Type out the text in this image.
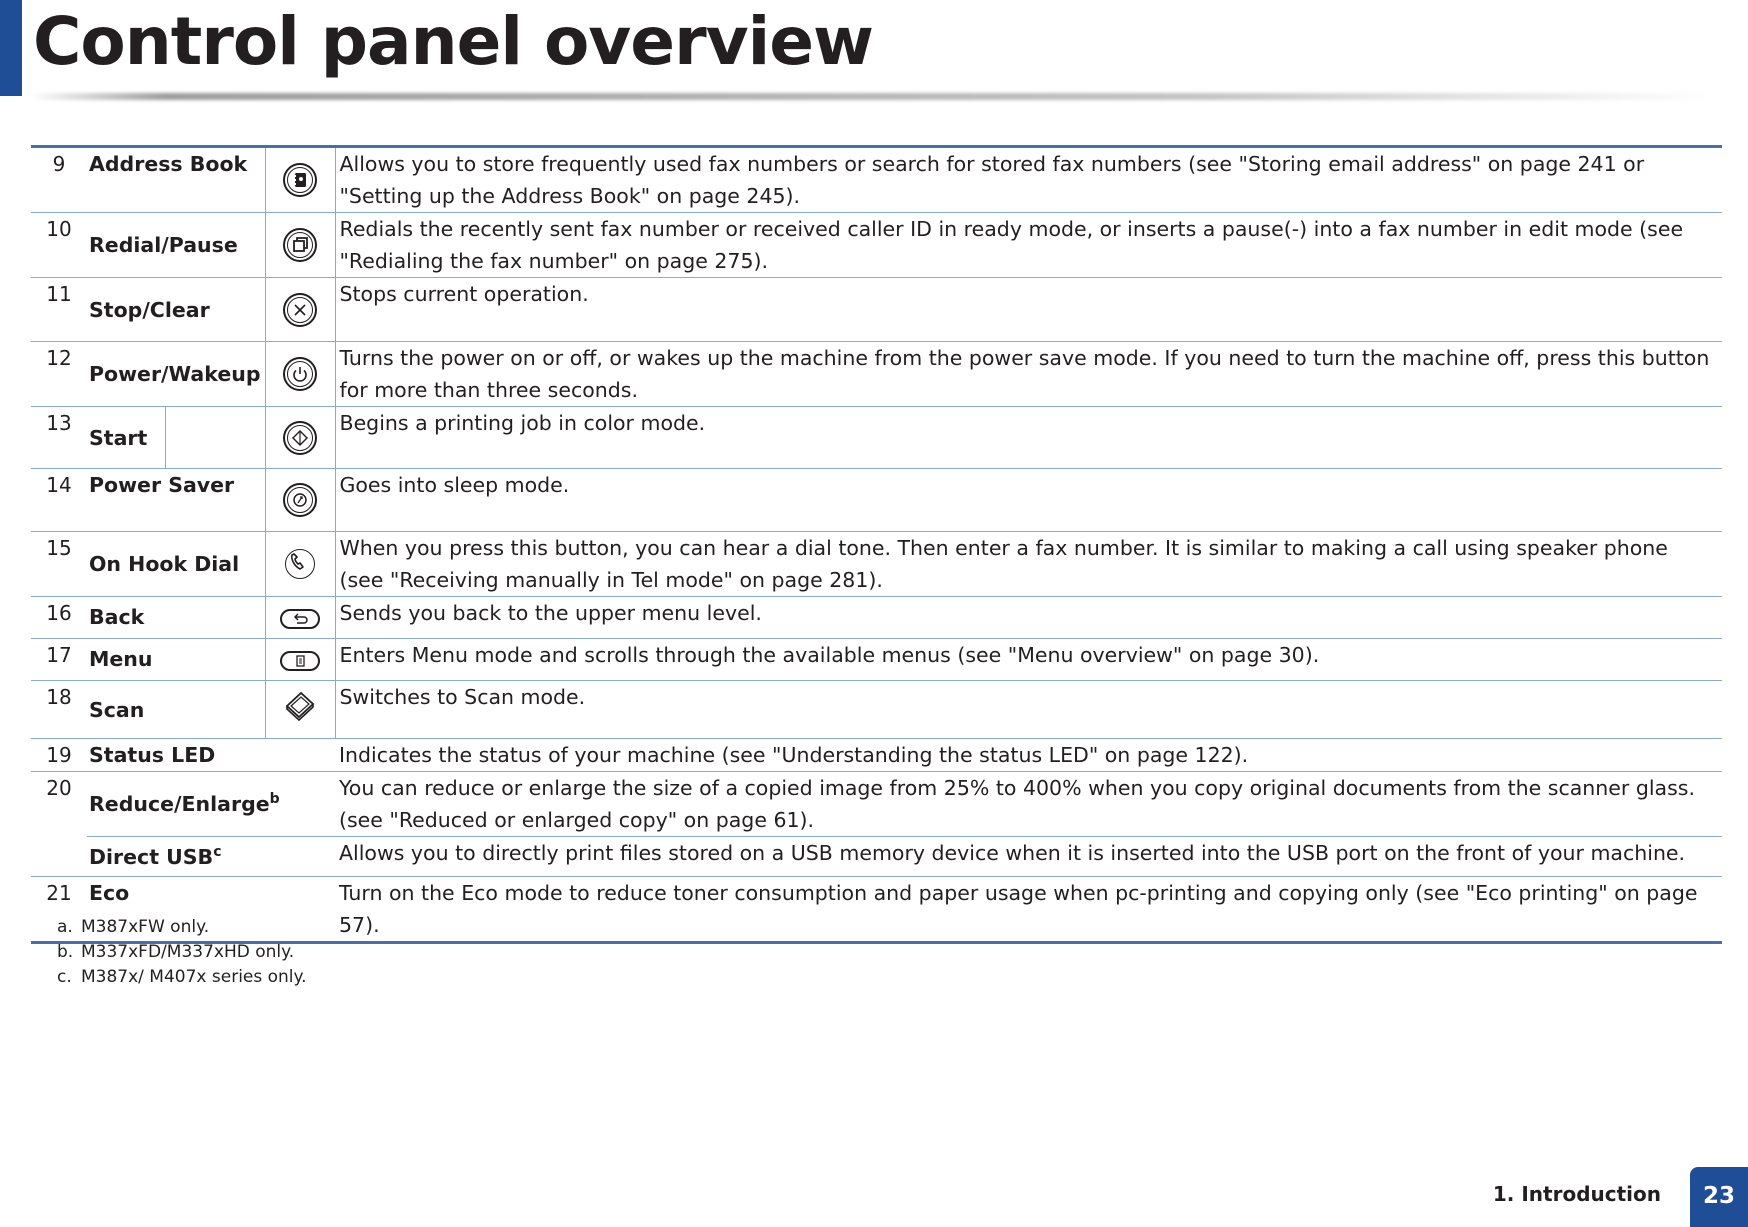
Control panel overview
9	Address Book		Allows you to store frequently used fax numbers or search for stored fax numbers (see "Storing email address" on page 241 or "Setting up the Address Book" on page 245).
10	Redial/Pause		Redials the recently sent fax number or received caller ID in ready mode, or inserts a pause(-) into a fax number in edit mode (see "Redialing the fax number" on page 275).
11	Stop/Clear		Stops current operation.
12	Power/Wakeup		Turns the power on or off, or wakes up the machine from the power save mode. If you need to turn the machine off, press this button for more than three seconds.
13	Start		Begins a printing job in color mode.
14	Power Saver		Goes into sleep mode.
15	On Hook Dial		When you press this button, you can hear a dial tone. Then enter a fax number. It is similar to making a call using speaker phone (see "Receiving manually in Tel mode" on page 281).
16	Back		Sends you back to the upper menu level.
17	Menu		Enters Menu mode and scrolls through the available menus (see "Menu overview" on page 30).
18	Scan		Switches to Scan mode.
19	Status LED		Indicates the status of your machine (see "Understanding the status LED" on page 122).
20	Reduce/Enlarge$^b$		You can reduce or enlarge the size of a copied image from 25% to 400% when you copy original documents from the scanner glass. (see "Reduced or enlarged copy" on page 61).
	Direct USB$^c$		Allows you to directly print files stored on a USB memory device when it is inserted into the USB port on the front of your machine.
21	Eco		Turn on the Eco mode to reduce toner consumption and paper usage when pc-printing and copying only (see "Eco printing" on page 57).
a. M387xFW only.
b. M337xFD/M337xHD only.
c. M387x/ M407x series only.
1. Introduction	23
